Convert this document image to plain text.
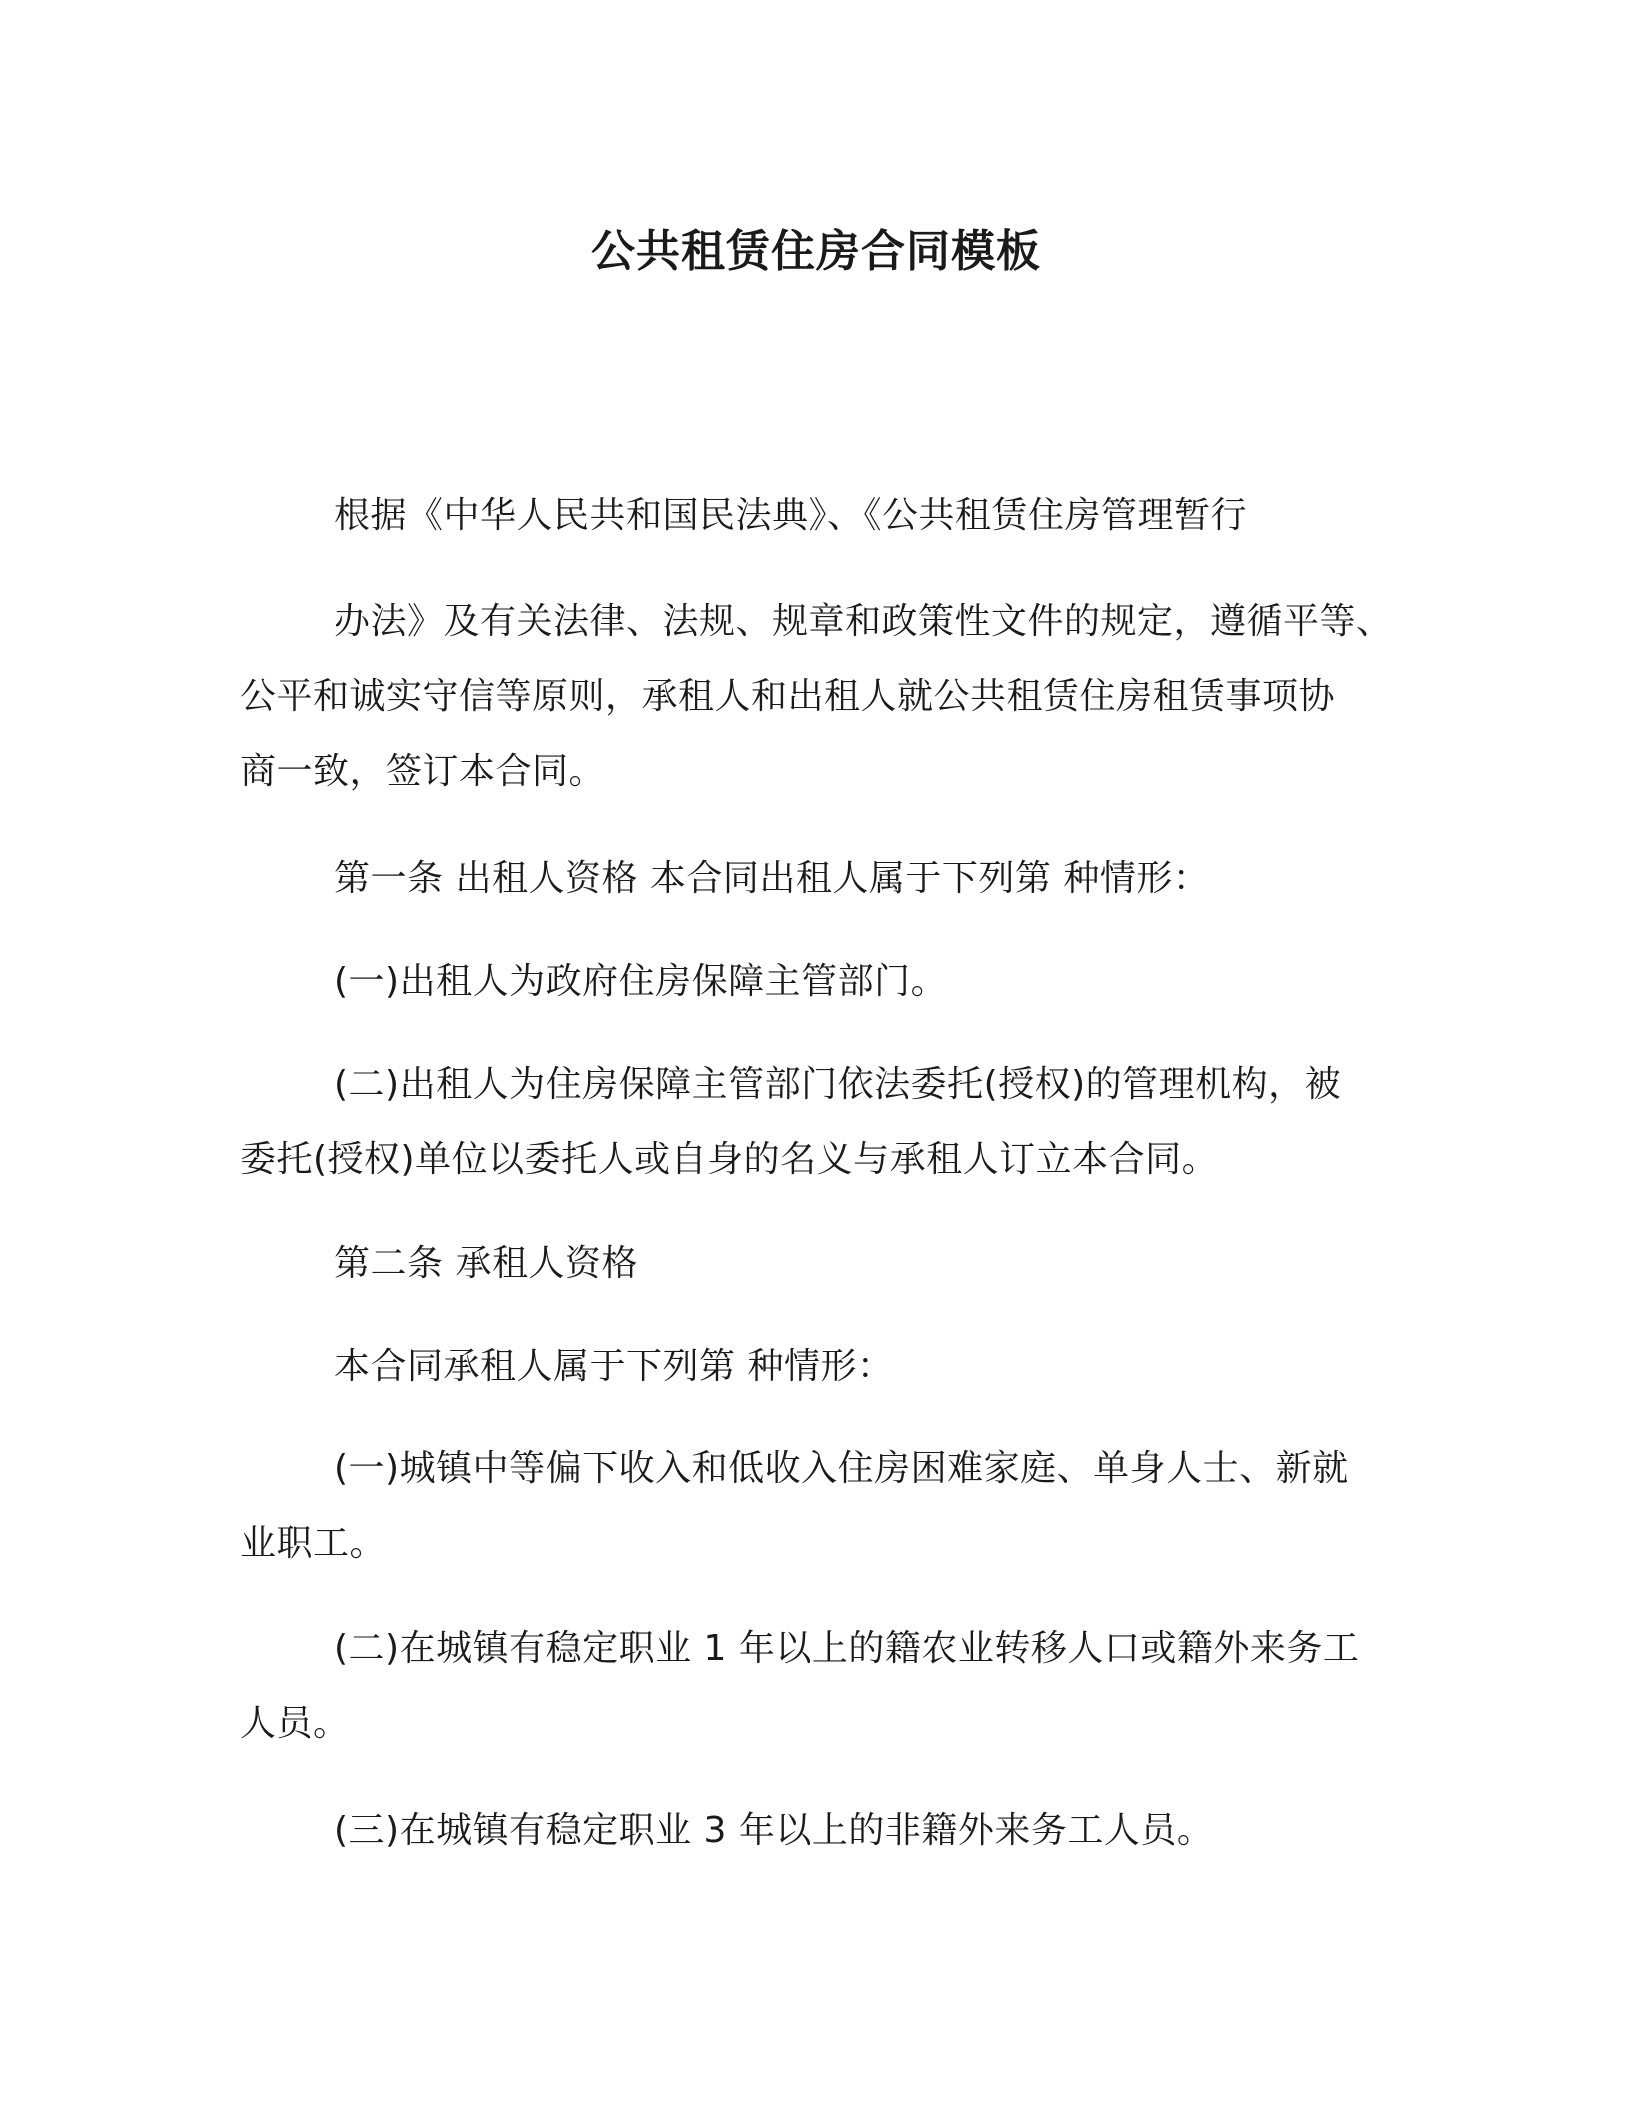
公共租赁住房合同模板
根据《中华人民共和国民法典》、《公共租赁住房管理暂行
办法》及有关法律、法规、规章和政策性文件的规定，遵循平等、
公平和诚实守信等原则，承租人和出租人就公共租赁住房租赁事项协
商一致，签订本合同。
第一条 出租人资格 本合同出租人属于下列第 种情形：
(一)出租人为政府住房保障主管部门。
(二)出租人为住房保障主管部门依法委托(授权)的管理机构，被
委托(授权)单位以委托人或自身的名义与承租人订立本合同。
第二条 承租人资格
本合同承租人属于下列第 种情形：
(一)城镇中等偏下收入和低收入住房困难家庭、单身人士、新就
业职工。
(二)在城镇有稳定职业 1 年以上的籍农业转移人口或籍外来务工
人员。
(三)在城镇有稳定职业 3 年以上的非籍外来务工人员。
